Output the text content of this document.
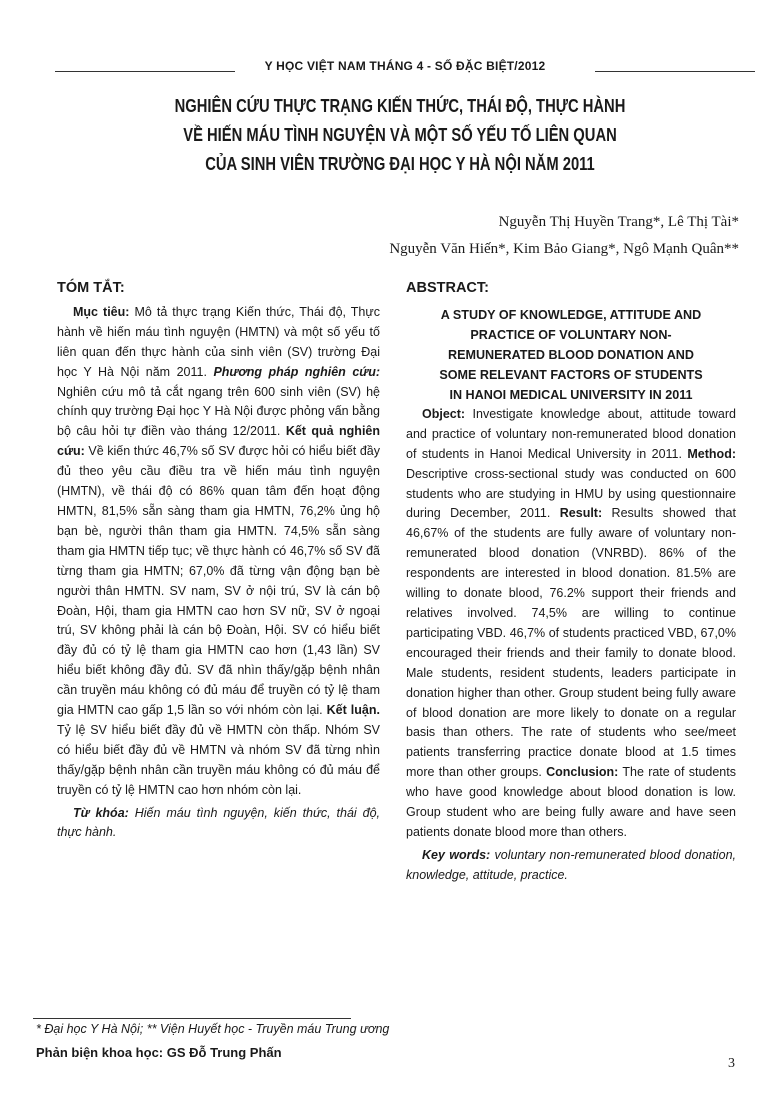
Y HỌC VIỆT NAM THÁNG 4 - SỐ ĐẶC BIỆT/2012
NGHIÊN CỨU THỰC TRẠNG KIẾN THỨC, THÁI ĐỘ, THỰC HÀNH
VỀ HIẾN MÁU TÌNH NGUYỆN VÀ MỘT SỐ YẾU TỐ LIÊN QUAN
CỦA SINH VIÊN TRƯỜNG ĐẠI HỌC Y HÀ NỘI NĂM 2011
Nguyễn Thị Huyền Trang*, Lê Thị Tài*
Nguyễn Văn Hiến*, Kim Bảo Giang*, Ngô Mạnh Quân**
TÓM TẮT:

Mục tiêu: Mô tả thực trạng Kiến thức, Thái độ, Thực hành về hiến máu tình nguyện (HMTN) và một số yếu tố liên quan đến thực hành của sinh viên (SV) trường Đại học Y Hà Nội năm 2011. Phương pháp nghiên cứu: Nghiên cứu mô tả cắt ngang trên 600 sinh viên (SV) hệ chính quy trường Đại học Y Hà Nội được phỏng vấn bằng bộ câu hỏi tự điền vào tháng 12/2011. Kết quả nghiên cứu: Về kiến thức 46,7% số SV được hỏi có hiểu biết đầy đủ theo yêu cầu điều tra về hiến máu tình nguyện (HMTN), về thái độ có 86% quan tâm đến hoạt động HMTN, 81,5% sẵn sàng tham gia HMTN, 76,2% ủng hộ bạn bè, người thân tham gia HMTN. 74,5% sẵn sàng tham gia HMTN tiếp tục; về thực hành có 46,7% số SV đã từng tham gia HMTN; 67,0% đã từng vận động bạn bè người thân HMTN. SV nam, SV ở nội trú, SV là cán bộ Đoàn, Hội, tham gia HMTN cao hơn SV nữ, SV ở ngoại trú, SV không phải là cán bộ Đoàn, Hội. SV có hiểu biết đầy đủ có tỷ lệ tham gia HMTN cao hơn (1,43 lần) SV hiểu biết không đầy đủ. SV đã nhìn thấy/gặp bệnh nhân cần truyền máu không có đủ máu để truyền có tỷ lệ tham gia HMTN cao gấp 1,5 lần so với nhóm còn lại. Kết luận. Tỷ lệ SV hiểu biết đầy đủ về HMTN còn thấp. Nhóm SV có hiểu biết đầy đủ về HMTN và nhóm SV đã từng nhìn thấy/gặp bệnh nhân cần truyền máu không có đủ máu để truyền có tỷ lệ HMTN cao hơn nhóm còn lại.

Từ khóa: Hiến máu tình nguyện, kiến thức, thái độ, thực hành.

ABSTRACT:
A STUDY OF KNOWLEDGE, ATTITUDE AND
PRACTICE OF VOLUNTARY NON-
REMUNERATED BLOOD DONATION AND
SOME RELEVANT FACTORS OF STUDENTS
IN HANOI MEDICAL UNIVERSITY IN 2011

Object: Investigate knowledge about, attitude toward and practice of voluntary non-remunerated blood donation of students in Hanoi Medical University in 2011. Method: Descriptive cross-sectional study was conducted on 600 students who are studying in HMU by using questionnaire during December, 2011. Result: Results showed that 46,67% of the students are fully aware of voluntary non-remunerated blood donation (VNRBD). 86% of the respondents are interested in blood donation. 81.5% are willing to donate blood, 76.2% support their friends and relatives involved. 74,5% are willing to continue participating VBD. 46,7% of students practiced VBD, 67,0% encouraged their friends and their family to donate blood. Male students, resident students, leaders participate in donation higher than other. Group student being fully aware of blood donation are more likely to donate on a regular basis than others. The rate of students who see/meet patients transferring practice donate blood at 1.5 times more than other groups. Conclusion: The rate of students who have good knowledge about blood donation is low. Group student who are being fully aware and have seen patients donate blood more than others.

Key words: voluntary non-remunerated blood donation, knowledge, attitude, practice.

* Đại học Y Hà Nội; ** Viện Huyết học - Truyền máu Trung ương
Phản biện khoa học: GS Đỗ Trung Phấn
3
